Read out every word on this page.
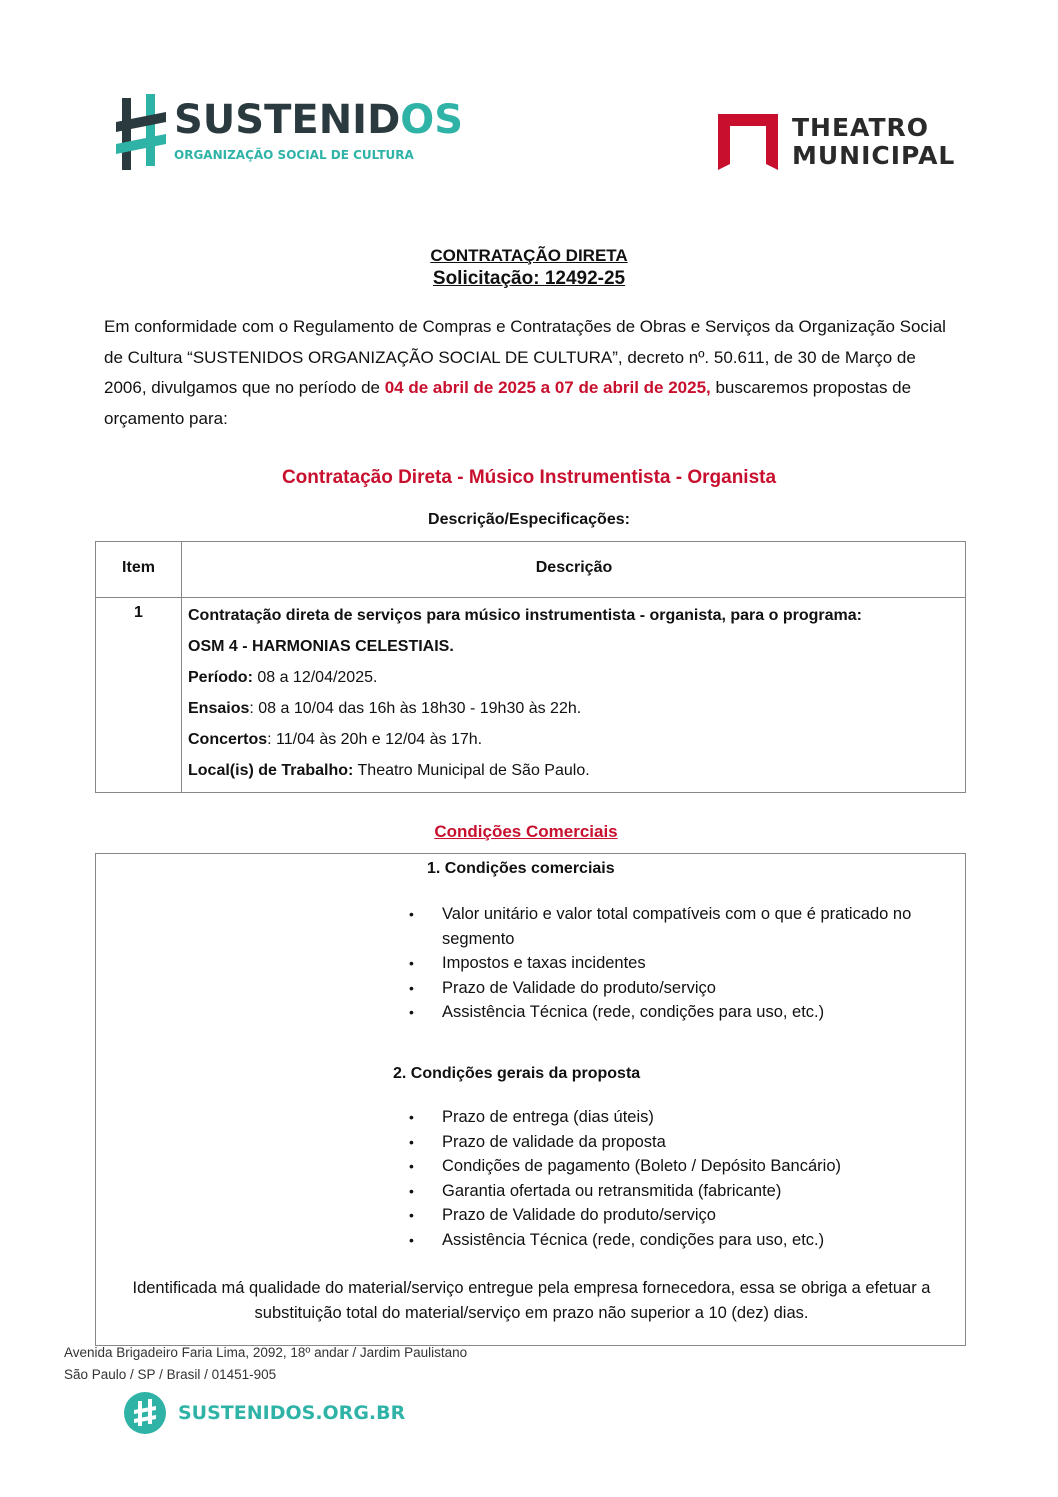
SUSTENIDOS
ORGANIZAÇÃO SOCIAL DE CULTURA
THEATRO
MUNICIPAL
CONTRATAÇÃO DIRETA
Solicitação: 12492-25
Em conformidade com o Regulamento de Compras e Contratações de Obras e Serviços da Organização Social de Cultura “SUSTENIDOS ORGANIZAÇÃO SOCIAL DE CULTURA”, decreto nº. 50.611, de 30 de Março de 2006, divulgamos que no período de 04 de abril de 2025 a 07 de abril de 2025, buscaremos propostas de orçamento para:
Contratação Direta - Músico Instrumentista - Organista
Descrição/Especificações:
Item	Descrição
1	Contratação direta de serviços para músico instrumentista - organista, para o programa:
OSM 4 - HARMONIAS CELESTIAIS.
Período: 08 a 12/04/2025.
Ensaios: 08 a 10/04 das 16h às 18h30 - 19h30 às 22h.
Concertos: 11/04 às 20h e 12/04 às 17h.
Local(is) de Trabalho: Theatro Municipal de São Paulo.
Condições Comerciais
1. Condições comerciais
• Valor unitário e valor total compatíveis com o que é praticado no segmento
• Impostos e taxas incidentes
• Prazo de Validade do produto/serviço
• Assistência Técnica (rede, condições para uso, etc.)
2. Condições gerais da proposta
• Prazo de entrega (dias úteis)
• Prazo de validade da proposta
• Condições de pagamento (Boleto / Depósito Bancário)
• Garantia ofertada ou retransmitida (fabricante)
• Prazo de Validade do produto/serviço
• Assistência Técnica (rede, condições para uso, etc.)
Identificada má qualidade do material/serviço entregue pela empresa fornecedora, essa se obriga a efetuar a substituição total do material/serviço em prazo não superior a 10 (dez) dias.
Avenida Brigadeiro Faria Lima, 2092, 18º andar / Jardim Paulistano
São Paulo / SP / Brasil / 01451-905
SUSTENIDOS.ORG.BR
